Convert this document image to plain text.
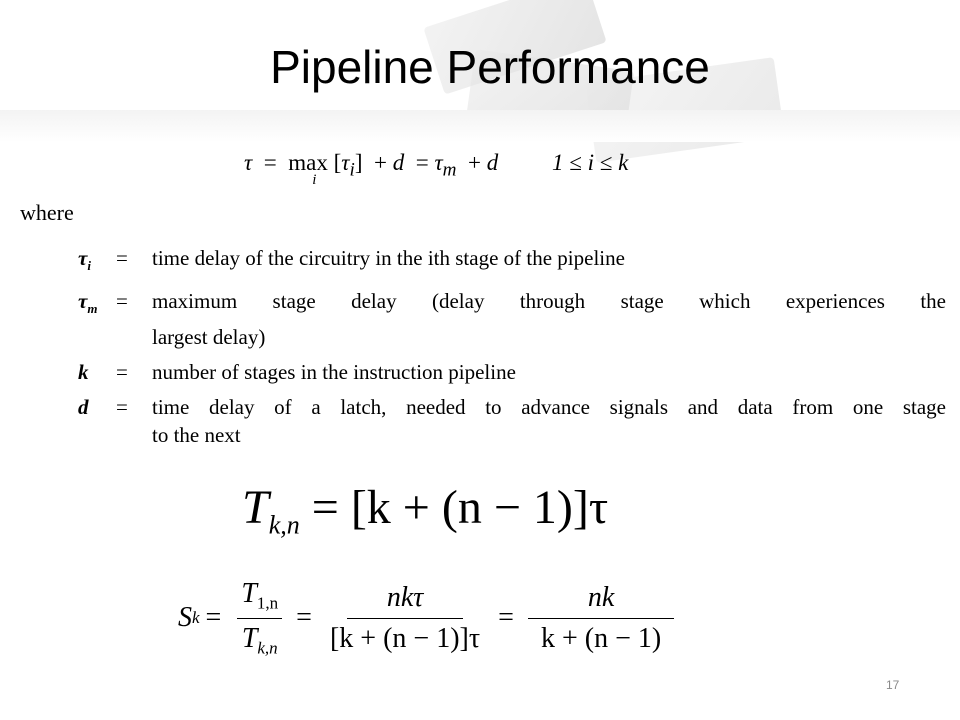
Pipeline Performance
τ  =  max
i
$[\tau_i] + d = \tau_m + d$ 1 ≤ i ≤ k
where
$\tau_i$	=	time delay of the circuitry in the ith stage of the pipeline
$\tau_m$ =	maximum stage delay (delay through stage which experiences the
largest delay)
k	=	number of stages in the instruction pipeline
d	=	time delay of a latch, needed to advance signals and data from one stage
to the next
$T_{k,n} = [k + (n - 1)]\tau$
S $k = \frac{T_{1,n}}{T_{k,n}} = \frac{\text{nkτ}}{[k + (n - 1)]\tau} = \frac{nk}{k + (n - 1)}$
17
